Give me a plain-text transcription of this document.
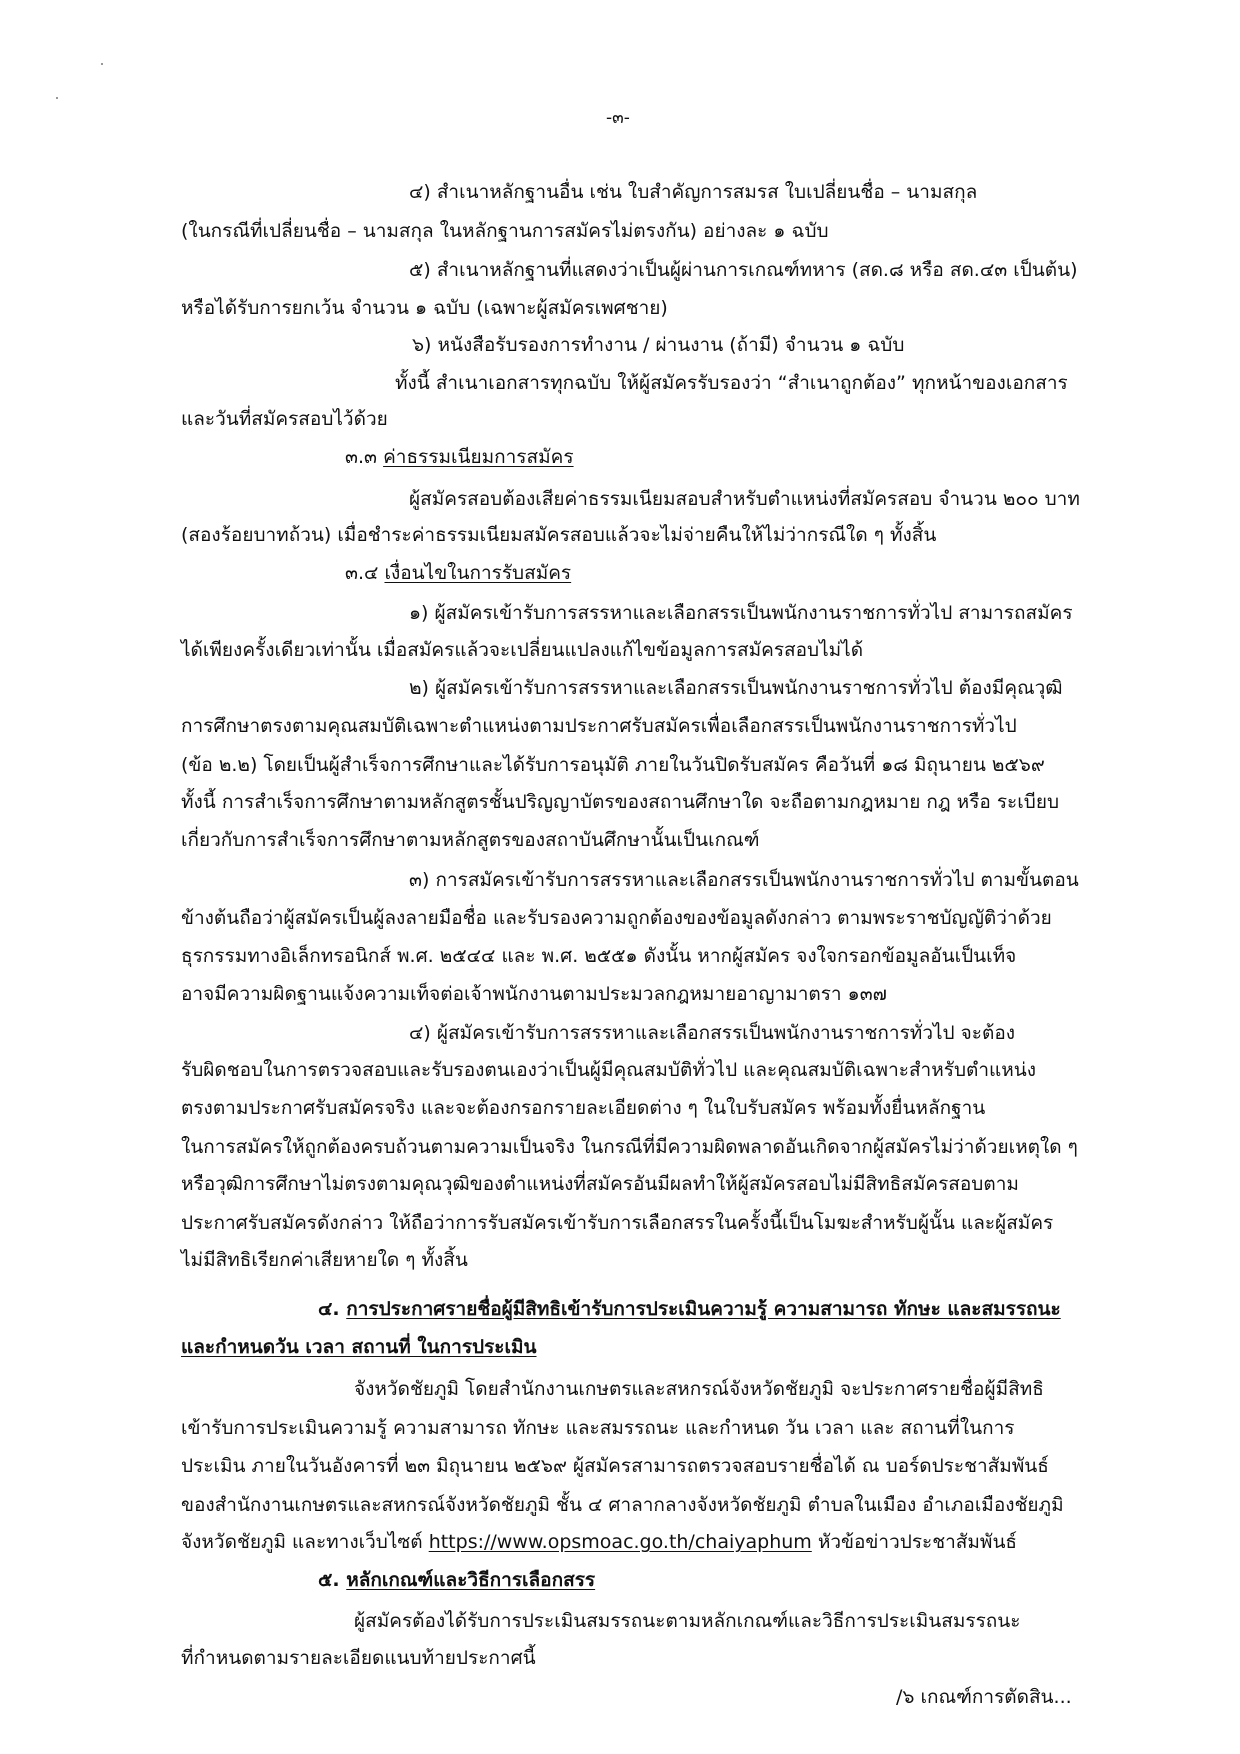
-๓-
๔) สำเนาหลักฐานอื่น เช่น ใบสำคัญการสมรส ใบเปลี่ยนชื่อ – นามสกุล
(ในกรณีที่เปลี่ยนชื่อ – นามสกุล ในหลักฐานการสมัครไม่ตรงกัน) อย่างละ ๑ ฉบับ
๕) สำเนาหลักฐานที่แสดงว่าเป็นผู้ผ่านการเกณฑ์ทหาร (สด.๘ หรือ สด.๔๓ เป็นต้น)
หรือได้รับการยกเว้น จำนวน ๑ ฉบับ (เฉพาะผู้สมัครเพศชาย)
๖) หนังสือรับรองการทำงาน / ผ่านงาน (ถ้ามี) จำนวน ๑ ฉบับ
ทั้งนี้ สำเนาเอกสารทุกฉบับ ให้ผู้สมัครรับรองว่า “สำเนาถูกต้อง” ทุกหน้าของเอกสาร
และวันที่สมัครสอบไว้ด้วย
๓.๓ ค่าธรรมเนียมการสมัคร
ผู้สมัครสอบต้องเสียค่าธรรมเนียมสอบสำหรับตำแหน่งที่สมัครสอบ จำนวน ๒๐๐ บาท
(สองร้อยบาทถ้วน) เมื่อชำระค่าธรรมเนียมสมัครสอบแล้วจะไม่จ่ายคืนให้ไม่ว่ากรณีใด ๆ ทั้งสิ้น
๓.๔ เงื่อนไขในการรับสมัคร
๑) ผู้สมัครเข้ารับการสรรหาและเลือกสรรเป็นพนักงานราชการทั่วไป สามารถสมัคร
ได้เพียงครั้งเดียวเท่านั้น เมื่อสมัครแล้วจะเปลี่ยนแปลงแก้ไขข้อมูลการสมัครสอบไม่ได้
๒) ผู้สมัครเข้ารับการสรรหาและเลือกสรรเป็นพนักงานราชการทั่วไป ต้องมีคุณวุฒิ
การศึกษาตรงตามคุณสมบัติเฉพาะตำแหน่งตามประกาศรับสมัครเพื่อเลือกสรรเป็นพนักงานราชการทั่วไป
(ข้อ ๒.๒) โดยเป็นผู้สำเร็จการศึกษาและได้รับการอนุมัติ ภายในวันปิดรับสมัคร คือวันที่ ๑๘ มิถุนายน ๒๕๖๙
ทั้งนี้ การสำเร็จการศึกษาตามหลักสูตรชั้นปริญญาบัตรของสถานศึกษาใด จะถือตามกฎหมาย กฎ หรือ ระเบียบ
เกี่ยวกับการสำเร็จการศึกษาตามหลักสูตรของสถาบันศึกษานั้นเป็นเกณฑ์
๓) การสมัครเข้ารับการสรรหาและเลือกสรรเป็นพนักงานราชการทั่วไป ตามขั้นตอน
ข้างต้นถือว่าผู้สมัครเป็นผู้ลงลายมือชื่อ และรับรองความถูกต้องของข้อมูลดังกล่าว ตามพระราชบัญญัติว่าด้วย
ธุรกรรมทางอิเล็กทรอนิกส์ พ.ศ. ๒๕๔๔ และ พ.ศ. ๒๕๕๑ ดังนั้น หากผู้สมัคร จงใจกรอกข้อมูลอันเป็นเท็จ
อาจมีความผิดฐานแจ้งความเท็จต่อเจ้าพนักงานตามประมวลกฎหมายอาญามาตรา ๑๓๗
๔) ผู้สมัครเข้ารับการสรรหาและเลือกสรรเป็นพนักงานราชการทั่วไป จะต้อง
รับผิดชอบในการตรวจสอบและรับรองตนเองว่าเป็นผู้มีคุณสมบัติทั่วไป และคุณสมบัติเฉพาะสำหรับตำแหน่ง
ตรงตามประกาศรับสมัครจริง และจะต้องกรอกรายละเอียดต่าง ๆ ในใบรับสมัคร พร้อมทั้งยื่นหลักฐาน
ในการสมัครให้ถูกต้องครบถ้วนตามความเป็นจริง ในกรณีที่มีความผิดพลาดอันเกิดจากผู้สมัครไม่ว่าด้วยเหตุใด ๆ
หรือวุฒิการศึกษาไม่ตรงตามคุณวุฒิของตำแหน่งที่สมัครอันมีผลทำให้ผู้สมัครสอบไม่มีสิทธิสมัครสอบตาม
ประกาศรับสมัครดังกล่าว ให้ถือว่าการรับสมัครเข้ารับการเลือกสรรในครั้งนี้เป็นโมฆะสำหรับผู้นั้น และผู้สมัคร
ไม่มีสิทธิเรียกค่าเสียหายใด ๆ ทั้งสิ้น
๔. การประกาศรายชื่อผู้มีสิทธิเข้ารับการประเมินความรู้ ความสามารถ ทักษะ และสมรรถนะ
และกำหนดวัน เวลา สถานที่ ในการประเมิน
จังหวัดชัยภูมิ โดยสำนักงานเกษตรและสหกรณ์จังหวัดชัยภูมิ จะประกาศรายชื่อผู้มีสิทธิ
เข้ารับการประเมินความรู้ ความสามารถ ทักษะ และสมรรถนะ และกำหนด วัน เวลา และ สถานที่ในการ
ประเมิน ภายในวันอังคารที่ ๒๓ มิถุนายน ๒๕๖๙ ผู้สมัครสามารถตรวจสอบรายชื่อได้ ณ บอร์ดประชาสัมพันธ์
ของสำนักงานเกษตรและสหกรณ์จังหวัดชัยภูมิ ชั้น ๔ ศาลากลางจังหวัดชัยภูมิ ตำบลในเมือง อำเภอเมืองชัยภูมิ
จังหวัดชัยภูมิ และทางเว็บไซต์ https://www.opsmoac.go.th/chaiyaphum หัวข้อข่าวประชาสัมพันธ์
๕. หลักเกณฑ์และวิธีการเลือกสรร
ผู้สมัครต้องได้รับการประเมินสมรรถนะตามหลักเกณฑ์และวิธีการประเมินสมรรถนะ
ที่กำหนดตามรายละเอียดแนบท้ายประกาศนี้
/๖ เกณฑ์การตัดสิน...
